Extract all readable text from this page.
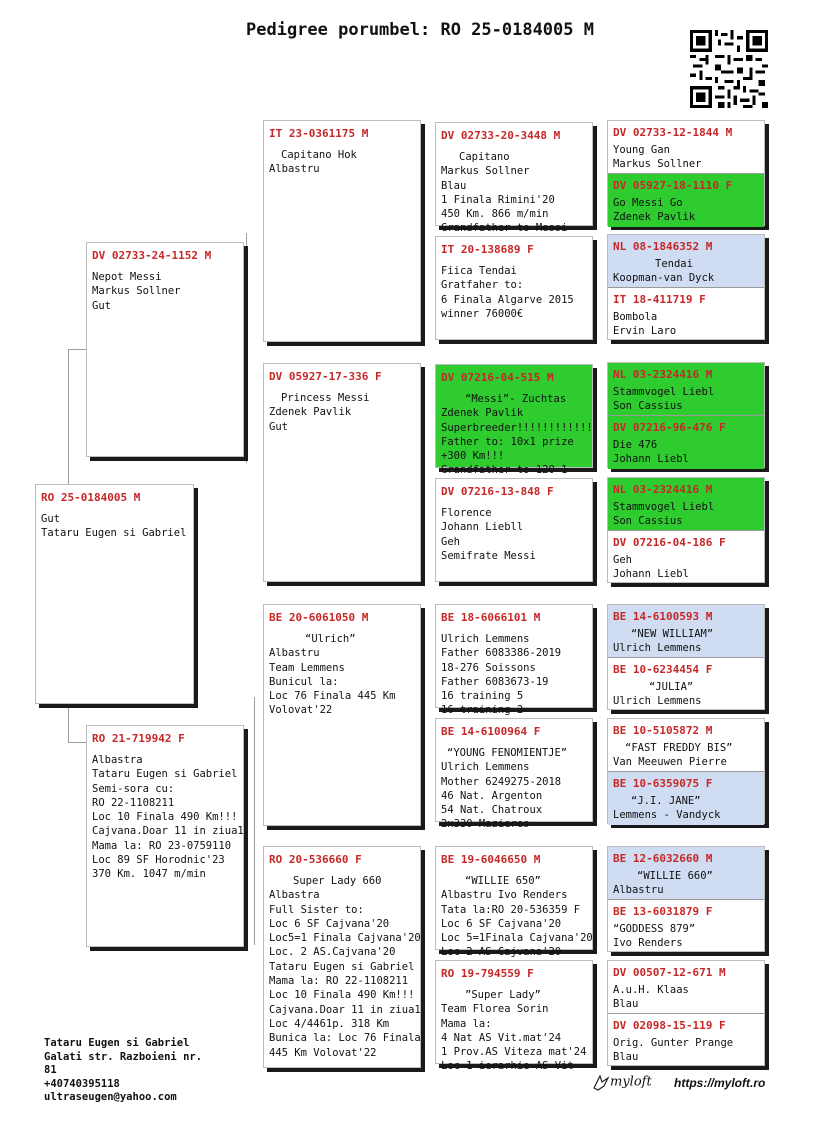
Pedigree porumbel: RO 25-0184005 M
RO 25-0184005 M
Gut
Tataru Eugen si Gabriel
DV 02733-24-1152 M
Nepot Messi
Markus Sollner
Gut
RO 21-719942 F
Albastra
Tataru Eugen si Gabriel
Semi-sora cu:
RO 22-1108211
Loc 10 Finala 490 Km!!!
Cajvana.Doar 11 in ziua1
Mama la: RO 23-0759110
Loc 89 SF Horodnic'23
370 Km. 1047 m/min
IT 23-0361175 M
Capitano Hok
Albastru
DV 05927-17-336 F
Princess Messi
Zdenek Pavlik
Gut
BE 20-6061050 M
“Ulrich”
Albastru
Team Lemmens
Bunicul la:
Loc 76 Finala 445 Km
Volovat'22
RO 20-536660 F
Super Lady 660
Albastra
Full Sister to:
Loc 6 SF Cajvana'20
Loc5=1 Finala Cajvana'20
Loc. 2 AS.Cajvana'20
Tataru Eugen si Gabriel
Mama la: RO 22-1108211
Loc 10 Finala 490 Km!!!
Cajvana.Doar 11 in ziua1
Loc 4/4461p. 318 Km
Bunica la: Loc 76 Finala
445 Km Volovat'22
DV 02733-20-3448 M
Capitano
Markus Sollner
Blau
1 Finala Rimini'20
450 Km. 866 m/min
Grandfather to Messi
IT 20-138689 F
Fiica Tendai
Gratfaher to:
6 Finala Algarve 2015
winner 76000€
DV 07216-04-515 M
“Messi”- Zuchtas
Zdenek Pavlik
Superbreeder!!!!!!!!!!!!
Father to: 10x1 prize
+300 Km!!!
Grandfather to 120 1
DV 07216-13-848 F
Florence
Johann Liebll
Geh
Semifrate Messi
BE 18-6066101 M
Ulrich Lemmens
Father 6083386-2019
18-276 Soissons
Father 6083673-19
16 training 5
16 training 2
BE 14-6100964 F
“YOUNG FENOMIENTJE”
Ulrich Lemmens
Mother 6249275-2018
46 Nat. Argenton
54 Nat. Chatroux
2x330 Mazieres
BE 19-6046650 M
“WILLIE 650”
Albastru Ivo Renders
Tata la:RO 20-536359 F
Loc 6 SF Cajvana'20
Loc 5=1Finala Cajvana'20
Loc 2 AS Cajvana'20
RO 19-794559 F
”Super Lady”
Team Florea Sorin
Mama la:
4 Nat AS Vit.mat'24
1 Prov.AS Viteza mat'24
Loc 1 ierarhie AS Vit
DV 02733-12-1844 M
Young Gan
Markus Sollner
DV 05927-18-1110 F
Go Messi Go
Zdenek Pavlik
NL 08-1846352 M
Tendai
Koopman-van Dyck
IT 18-411719 F
Bombola
Ervin Laro
NL 03-2324416 M
Stammvogel Liebl
Son Cassius
DV 07216-96-476 F
Die 476
Johann Liebl
NL 03-2324416 M
Stammvogel Liebl
Son Cassius
DV 07216-04-186 F
Geh
Johann Liebl
BE 14-6100593 M
“NEW WILLIAM”
Ulrich Lemmens
BE 10-6234454 F
“JULIA”
Ulrich Lemmens
BE 10-5105872 M
“FAST FREDDY BIS”
Van Meeuwen Pierre
BE 10-6359075 F
“J.I. JANE”
Lemmens - Vandyck
BE 12-6032660 M
“WILLIE 660”
Albastru
BE 13-6031879 F
“GODDESS 879”
Ivo Renders
DV 00507-12-671 M
A.u.H. Klaas
Blau
DV 02098-15-119 F
Orig. Gunter Prange
Blau
Tataru Eugen si Gabriel
Galati str. Razboieni nr.
81
+40740395118
ultraseugen@yahoo.com
myloft https://myloft.ro
